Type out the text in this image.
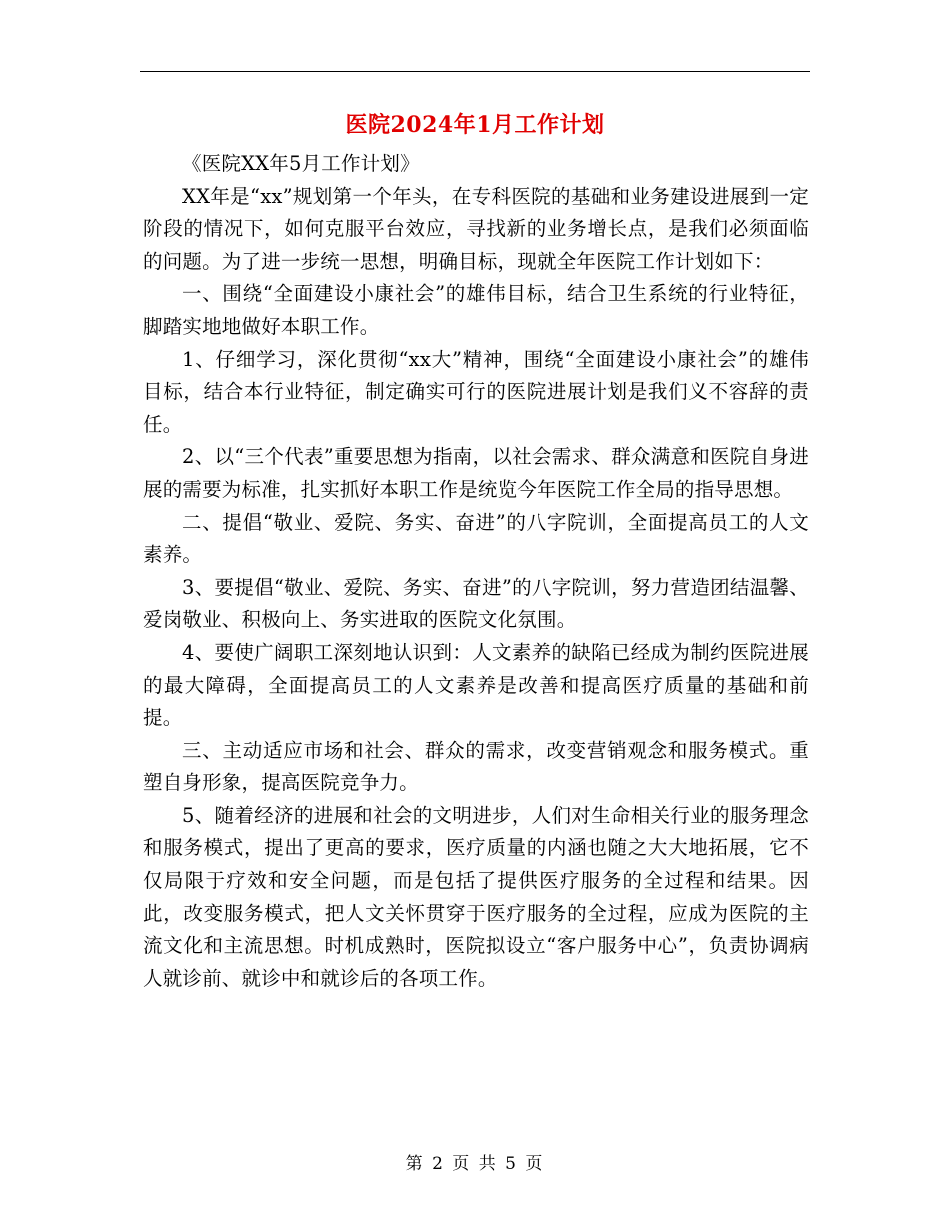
医院2024年1月工作计划

《医院XX年5月工作计划》

XX年是“xx”规划第一个年头，在专科医院的基础和业务建设进展到一定阶段的情况下，如何克服平台效应，寻找新的业务增长点，是我们必须面临的问题。为了进一步统一思想，明确目标，现就全年医院工作计划如下：

一、围绕“全面建设小康社会”的雄伟目标，结合卫生系统的行业特征，脚踏实地地做好本职工作。

1、仔细学习，深化贯彻“xx大”精神，围绕“全面建设小康社会”的雄伟目标，结合本行业特征，制定确实可行的医院进展计划是我们义不容辞的责任。

2、以“三个代表”重要思想为指南，以社会需求、群众满意和医院自身进展的需要为标准，扎实抓好本职工作是统览今年医院工作全局的指导思想。

二、提倡“敬业、爱院、务实、奋进”的八字院训，全面提高员工的人文素养。

3、要提倡“敬业、爱院、务实、奋进”的八字院训，努力营造团结温馨、爱岗敬业、积极向上、务实进取的医院文化氛围。

4、要使广阔职工深刻地认识到：人文素养的缺陷已经成为制约医院进展的最大障碍，全面提高员工的人文素养是改善和提高医疗质量的基础和前提。

三、主动适应市场和社会、群众的需求，改变营销观念和服务模式。重塑自身形象，提高医院竞争力。

5、随着经济的进展和社会的文明进步，人们对生命相关行业的服务理念和服务模式，提出了更高的要求，医疗质量的内涵也随之大大地拓展，它不仅局限于疗效和安全问题，而是包括了提供医疗服务的全过程和结果。因此，改变服务模式，把人文关怀贯穿于医疗服务的全过程，应成为医院的主流文化和主流思想。时机成熟时，医院拟设立“客户服务中心”，负责协调病人就诊前、就诊中和就诊后的各项工作。

第 2 页 共 5 页
